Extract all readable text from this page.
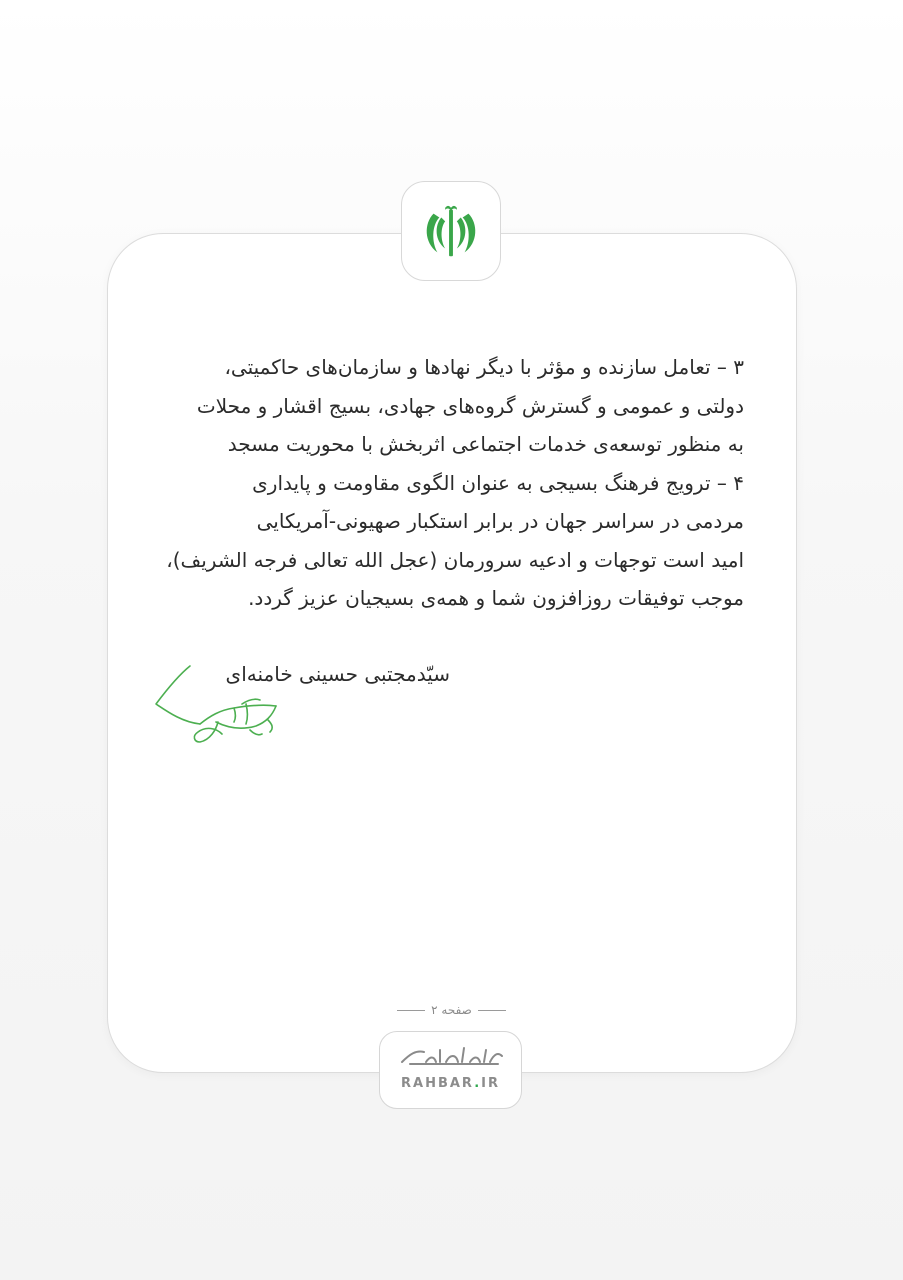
۳ – تعامل سازنده و مؤثر با دیگر نهادها و سازمان‌های حاکمیتی،
دولتی و عمومی و گسترش گروه‌های جهادی، بسیج اقشار و محلات
به منظور توسعه‌ی خدمات اجتماعی اثربخش با محوریت مسجد
۴ – ترویج فرهنگ بسیجی به عنوان الگوی مقاومت و پایداری
مردمی در سراسر جهان در برابر استکبار صهیونی-آمریکایی
امید است توجهات و ادعیه سرورمان (عجل الله تعالی فرجه الشریف)،
موجب توفیقات روزافزون شما و همه‌ی بسیجیان عزیز گردد.
سیّدمجتبی حسینی خامنه‌ای
صفحه ۲
RAHBAR.IR
